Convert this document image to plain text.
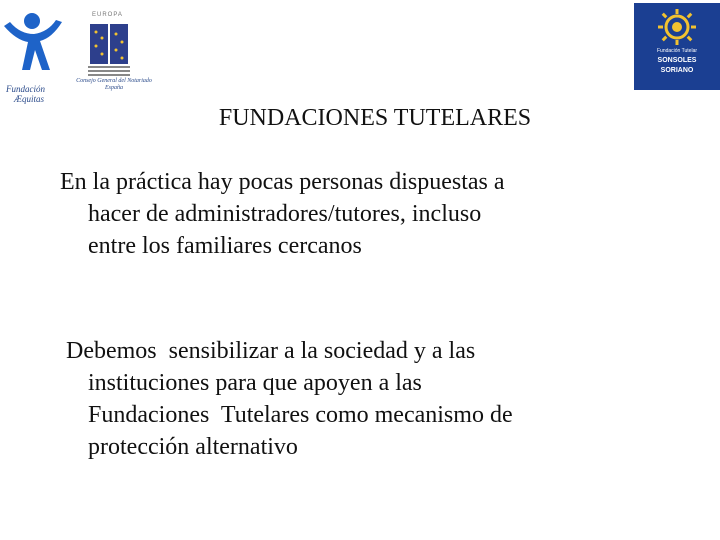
Fundación
Æquitas
EUROPA
Consejo General del Notariado
España
Fundación Tutelar
SONSOLES
SORIANO
FUNDACIONES TUTELARES
En la práctica hay pocas personas dispuestas a
hacer de administradores/tutores, incluso
entre los familiares cercanos
Debemos  sensibilizar a la sociedad y a las
instituciones para que apoyen a las
Fundaciones  Tutelares como mecanismo de
protección alternativo
